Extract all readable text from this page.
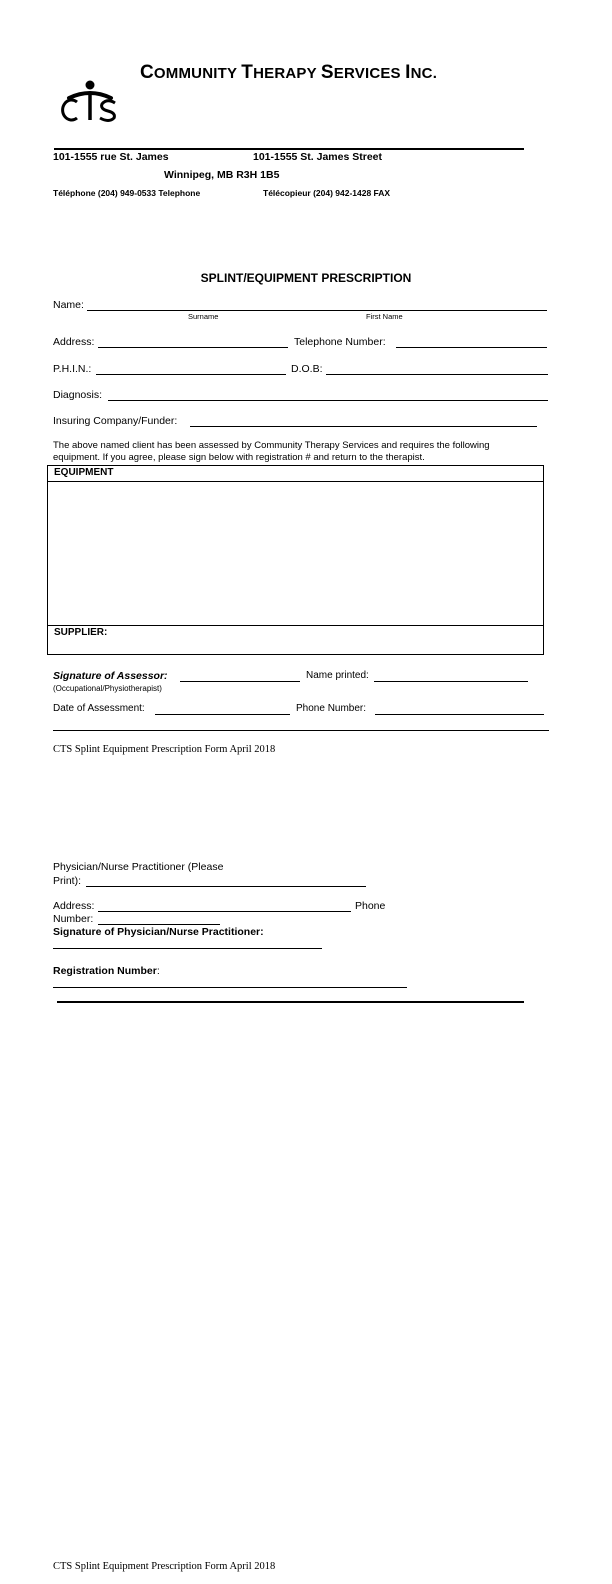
COMMUNITY THERAPY SERVICES INC.
101-1555 rue St. James	101-1555 St. James Street
Winnipeg, MB R3H 1B5
Téléphone (204) 949-0533 Telephone	Télécopieur (204) 942-1428 FAX
SPLINT/EQUIPMENT PRESCRIPTION
Name:
Surname	First Name
Address:	Telephone Number:
P.H.I.N.:	D.O.B:
Diagnosis:
Insuring Company/Funder:
The above named client has been assessed by Community Therapy Services and requires the following equipment. If you agree, please sign below with registration # and return to the therapist.
EQUIPMENT
SUPPLIER:
Signature of Assessor:	Name printed:
(Occupational/Physiotherapist)
Date of Assessment:	Phone Number:
CTS Splint Equipment Prescription Form April 2018
Physician/Nurse Practitioner (Please
Print):
Address:	Phone
Number:
Signature of Physician/Nurse Practitioner:
Registration Number:
CTS Splint Equipment Prescription Form April 2018
